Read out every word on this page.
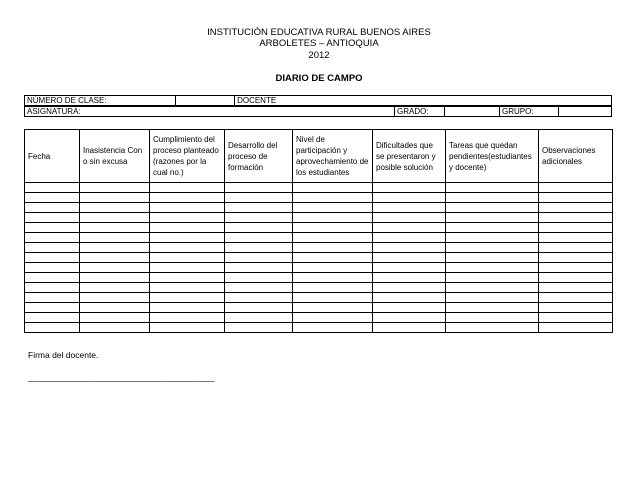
INSTITUCIÓN EDUCATIVA RURAL BUENOS AIRES
ARBOLETES – ANTIOQUIA
2012
DIARIO DE CAMPO
NÚMERO DE CLASE:		DOCENTE
ASIGNATURA:	GRADO:		GRUPO:	
Fecha	Inasistencia Con o sin excusa	Cumplimiento del proceso planteado (razones por la cual no.)	Desarrollo del proceso de formación	Nivel de participación y aprovechamiento de los estudiantes	Dificultades que se presentaron y posible solución	Tareas que quedan pendientes(estudiantes y docente)	Observaciones adicionales

Firma del docente.
____________________________________________
